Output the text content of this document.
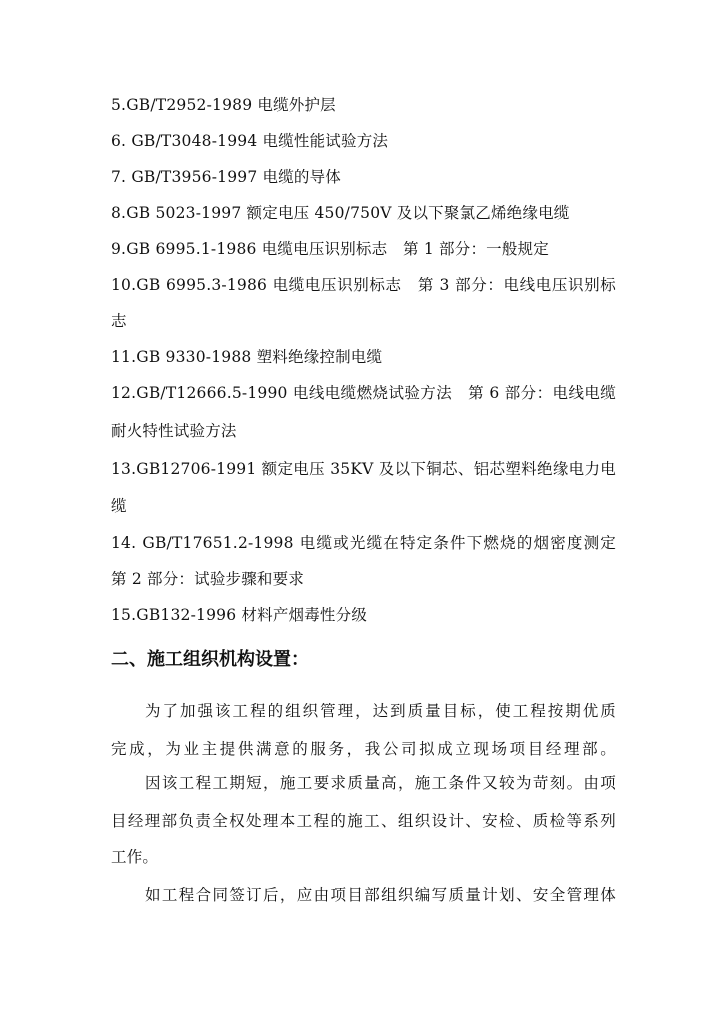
5.GB/T2952-1989 电缆外护层
6. GB/T3048-1994 电缆性能试验方法
7. GB/T3956-1997 电缆的导体
8.GB 5023-1997 额定电压 450/750V 及以下聚氯乙烯绝缘电缆
9.GB 6995.1-1986 电缆电压识别标志　第 1 部分：一般规定
10.GB 6995.3-1986 电缆电压识别标志　第 3 部分：电线电压识别标
志
11.GB 9330-1988 塑料绝缘控制电缆
12.GB/T12666.5-1990 电线电缆燃烧试验方法　第 6 部分：电线电缆
耐火特性试验方法
13.GB12706-1991 额定电压 35KV 及以下铜芯、铝芯塑料绝缘电力电
缆
14. GB/T17651.2-1998 电缆或光缆在特定条件下燃烧的烟密度测定
第 2 部分：试验步骤和要求
15.GB132-1996 材料产烟毒性分级
二、施工组织机构设置：
为了加强该工程的组织管理，达到质量目标，使工程按期优质
完成，为业主提供满意的服务，我公司拟成立现场项目经理部。
因该工程工期短，施工要求质量高，施工条件又较为苛刻。由项
目经理部负责全权处理本工程的施工、组织设计、安检、质检等系列
工作。
如工程合同签订后，应由项目部组织编写质量计划、安全管理体
